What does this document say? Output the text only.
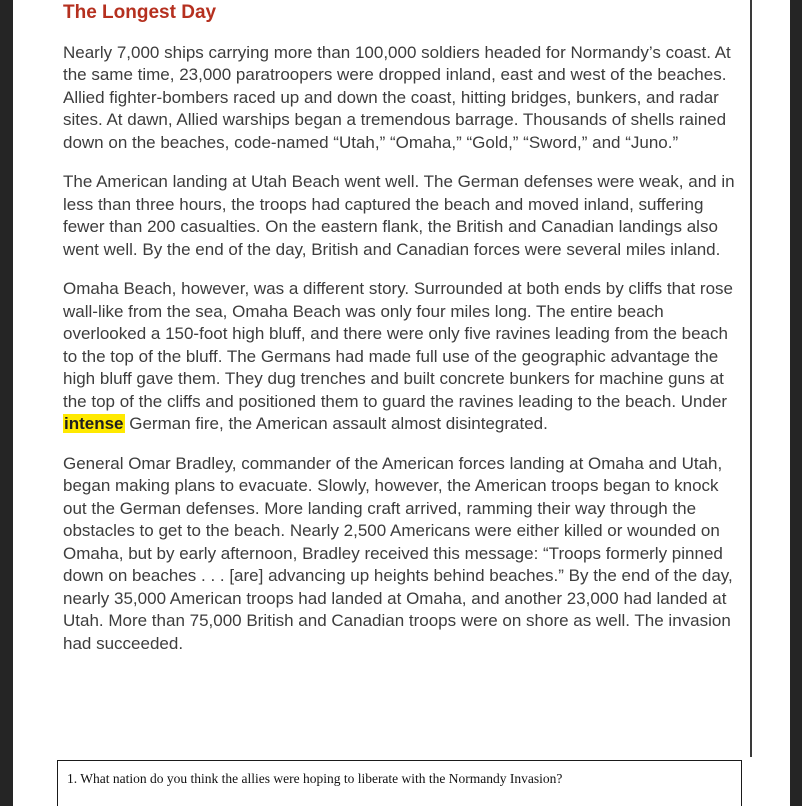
The Longest Day

Nearly 7,000 ships carrying more than 100,000 soldiers headed for Normandy’s coast. At the same time, 23,000 paratroopers were dropped inland, east and west of the beaches. Allied fighter-bombers raced up and down the coast, hitting bridges, bunkers, and radar sites. At dawn, Allied warships began a tremendous barrage. Thousands of shells rained down on the beaches, code-named “Utah,” “Omaha,” “Gold,” “Sword,” and “Juno.”

The American landing at Utah Beach went well. The German defenses were weak, and in less than three hours, the troops had captured the beach and moved inland, suffering fewer than 200 casualties. On the eastern flank, the British and Canadian landings also went well. By the end of the day, British and Canadian forces were several miles inland.

Omaha Beach, however, was a different story. Surrounded at both ends by cliffs that rose wall-like from the sea, Omaha Beach was only four miles long. The entire beach overlooked a 150-foot high bluff, and there were only five ravines leading from the beach to the top of the bluff. The Germans had made full use of the geographic advantage the high bluff gave them. They dug trenches and built concrete bunkers for machine guns at the top of the cliffs and positioned them to guard the ravines leading to the beach. Under intense German fire, the American assault almost disintegrated.

General Omar Bradley, commander of the American forces landing at Omaha and Utah, began making plans to evacuate. Slowly, however, the American troops began to knock out the German defenses. More landing craft arrived, ramming their way through the obstacles to get to the beach. Nearly 2,500 Americans were either killed or wounded on Omaha, but by early afternoon, Bradley received this message: “Troops formerly pinned down on beaches . . . [are] advancing up heights behind beaches.” By the end of the day, nearly 35,000 American troops had landed at Omaha, and another 23,000 had landed at Utah. More than 75,000 British and Canadian troops were on shore as well. The invasion had succeeded.

1. What nation do you think the allies were hoping to liberate with the Normandy Invasion?
